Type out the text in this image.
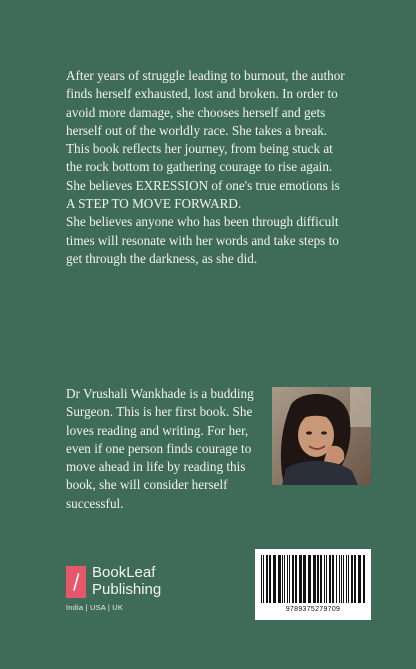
After years of struggle leading to burnout, the author
finds herself exhausted, lost and broken. In order to
avoid more damage, she chooses herself and gets
herself out of the worldly race. She takes a break.
This book reflects her journey, from being stuck at
the rock bottom to gathering courage to rise again.
She believes EXRESSION of one's true emotions is
A STEP TO MOVE FORWARD.
She believes anyone who has been through difficult
times will resonate with her words and take steps to
get through the darkness, as she did.

Dr Vrushali Wankhade is a budding
Surgeon. This is her first book. She
loves reading and writing. For her,
even if one person finds courage to
move ahead in life by reading this
book, she will consider herself
successful.

BookLeaf
Publishing
India | USA | UK	9789375279709
